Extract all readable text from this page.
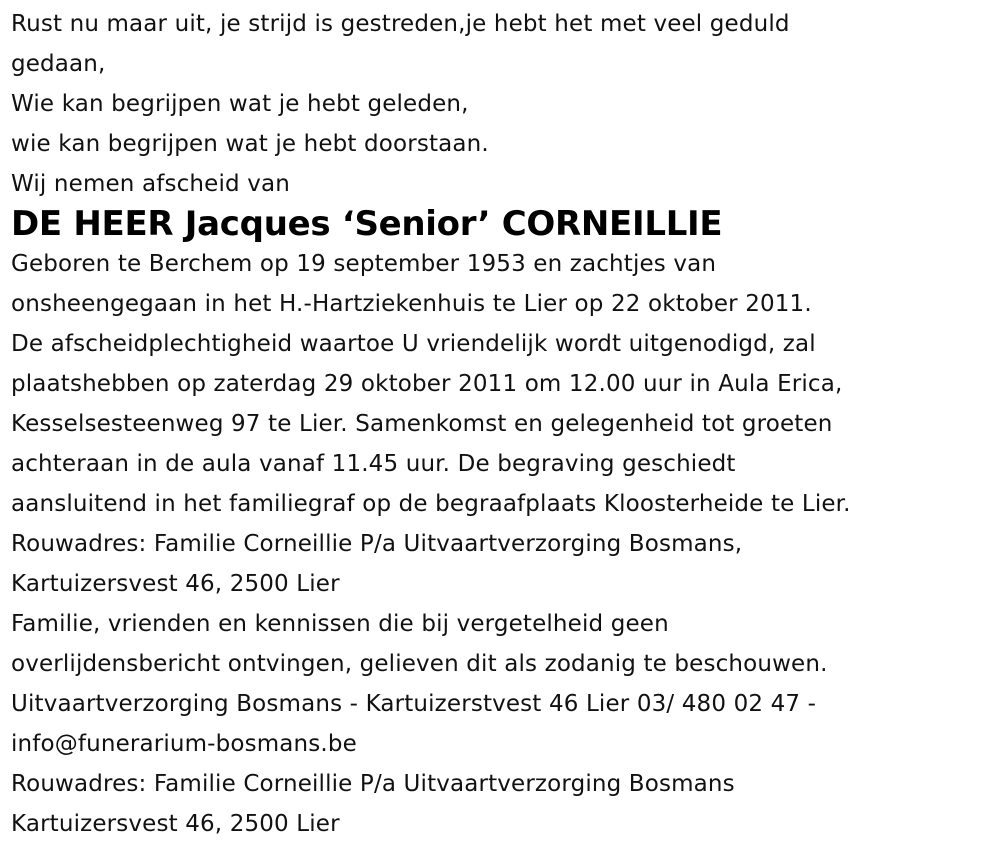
Rust nu maar uit, je strijd is gestreden,je hebt het met veel geduld
gedaan,
Wie kan begrijpen wat je hebt geleden,
wie kan begrijpen wat je hebt doorstaan.
Wij nemen afscheid van
DE HEER Jacques ‘Senior’ CORNEILLIE
Geboren te Berchem op 19 september 1953 en zachtjes van
onsheengegaan in het H.-Hartziekenhuis te Lier op 22 oktober 2011.
De afscheidplechtigheid waartoe U vriendelijk wordt uitgenodigd, zal
plaatshebben op zaterdag 29 oktober 2011 om 12.00 uur in Aula Erica,
Kesselsesteenweg 97 te Lier. Samenkomst en gelegenheid tot groeten
achteraan in de aula vanaf 11.45 uur. De begraving geschiedt
aansluitend in het familiegraf op de begraafplaats Kloosterheide te Lier.
Rouwadres: Familie Corneillie P/a Uitvaartverzorging Bosmans,
Kartuizersvest 46, 2500 Lier
Familie, vrienden en kennissen die bij vergetelheid geen
overlijdensbericht ontvingen, gelieven dit als zodanig te beschouwen.
Uitvaartverzorging Bosmans - Kartuizerstvest 46 Lier 03/ 480 02 47 -
info@funerarium-bosmans.be
Rouwadres: Familie Corneillie P/a Uitvaartverzorging Bosmans
Kartuizersvest 46, 2500 Lier
